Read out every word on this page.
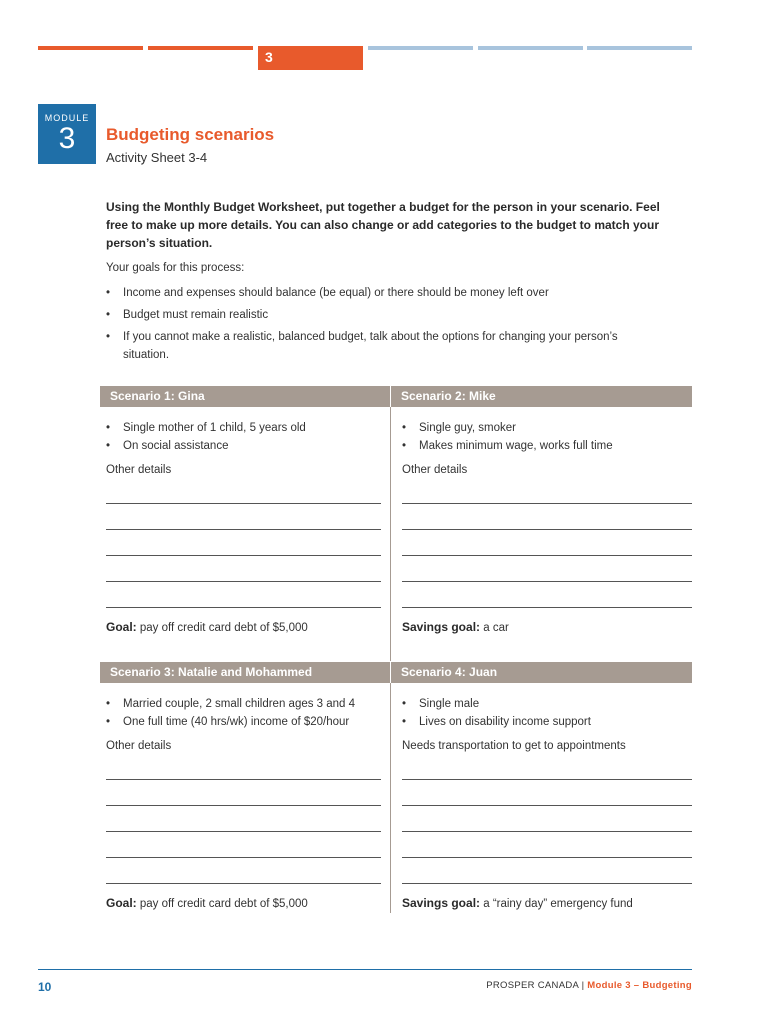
3
MODULE
3	Budgeting scenarios
Activity Sheet 3-4
Using the Monthly Budget Worksheet, put together a budget for the person in your scenario. Feel free to make up more details. You can also change or add categories to the budget to match your person’s situation.
Your goals for this process:
• Income and expenses should balance (be equal) or there should be money left over
• Budget must remain realistic
• If you cannot make a realistic, balanced budget, talk about the options for changing your person’s situation.
Scenario 1: Gina	Scenario 2: Mike
• Single mother of 1 child, 5 years old
• On social assistance
Other details
Goal: pay off credit card debt of $5,000
• Single guy, smoker
• Makes minimum wage, works full time
Other details
Savings goal: a car
Scenario 3: Natalie and Mohammed	Scenario 4: Juan
• Married couple, 2 small children ages 3 and 4
• One full time (40 hrs/wk) income of $20/hour
Other details
Goal: pay off credit card debt of $5,000
• Single male
• Lives on disability income support
Needs transportation to get to appointments
Savings goal: a “rainy day” emergency fund
10	PROSPER CANADA | Module 3 – Budgeting
